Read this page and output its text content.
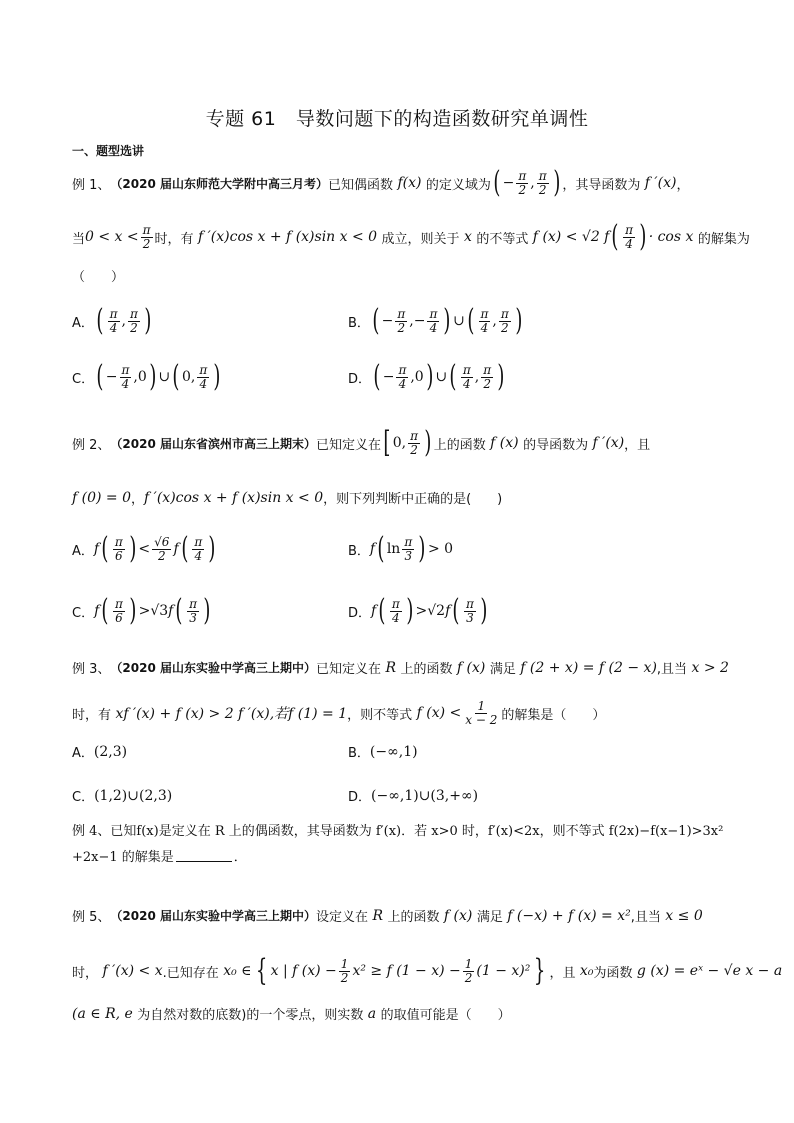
专题 61　导数问题下的构造函数研究单调性
一、题型选讲
例 1、 （2020 届山东师范大学附中高三月考） 已知偶函数 f(x) 的定义域为 ( − $\frac{\pi}{2}$ , $\frac{\pi}{2}$ ) ，其导函数为 f ′(x) ，
当 $0 < x < \frac{\pi}{2}$ 时，有 f ′(x)cos x + f (x)sin x < 0 成立，则关于 x 的不等式 f (x) < √2 f ( $\frac{\pi}{4}$ ) · cos x 的解集为
（　　）
A． ( $\frac{\pi}{4}$ , $\frac{\pi}{2}$ )	B． ( − $\frac{\pi}{2}$ ,− $\frac{\pi}{4}$ ) ∪ ( $\frac{\pi}{4}$ , $\frac{\pi}{2}$ )
C． ( − $\frac{\pi}{4} ,0$ ) ∪ ( 0, $\frac{\pi}{4}$ )	D． ( − $\frac{\pi}{4} ,0$ ) ∪ ( $\frac{\pi}{4}$ , $\frac{\pi}{2}$ )
例 2、 （2020 届山东省滨州市高三上期末） 已知定义在 [ 0, $\frac{\pi}{2}$ ) 上的函数 f (x) 的导函数为 f ′(x) ，且
f (0) = 0 ， f ′(x)cos x + f (x)sin x < 0 ，则下列判断中正确的是(　　)
A． f ( $\frac{\pi}{6}$ ) < $\frac{√6}{2}$ f ( $\frac{\pi}{4}$ )	B． f ( $\ln \frac{\pi}{3}$ ) > 0
C． f ( $\frac{\pi}{6}$ ) >√3 f ( $\frac{\pi}{3}$ )	D． f ( $\frac{\pi}{4}$ ) >√2 f ( $\frac{\pi}{3}$ )
例 3、 （2020 届山东实验中学高三上期中） 已知定义在 R 上的函数 f (x) 满足 f (2 + x) = f (2 − x) ,且当 x > 2
时，有 xf ′(x) + f (x) > 2 f ′(x),若f (1) = 1 ，则不等式 f $(x) < \frac{1}{x - 2}$ 的解集是（　　）
A． (2,3)	B． (−∞,1)
C． (1,2)∪(2,3)	D． (−∞,1)∪(3,+∞)
例 4、已知f(x)是定义在 R 上的偶函数，其导函数为 f′(x)．若 x>0 时，f′(x)<2x，则不等式 f(2x)−f(x−1)>3x²
+2x−1 的解集是	．
例 5、 （2020 届山东实验中学高三上期中） 设定义在 R 上的函数 f (x) 满足 f (−x) + f (x) = x² ,且当 x ≤ 0
时， f ′(x) < x .已知存在 x₀ ∈ { x | f $(x) - \frac{1}{2} x^2 \ge f$ $(1 - x) - \frac{1}{2} (1 - x)^2$ } ，且 x₀ 为函数 g (x) = eˣ − √e x − a
(a ∈ R, e 为自然对数的底数)的一个零点，则实数 a 的取值可能是（　　）
